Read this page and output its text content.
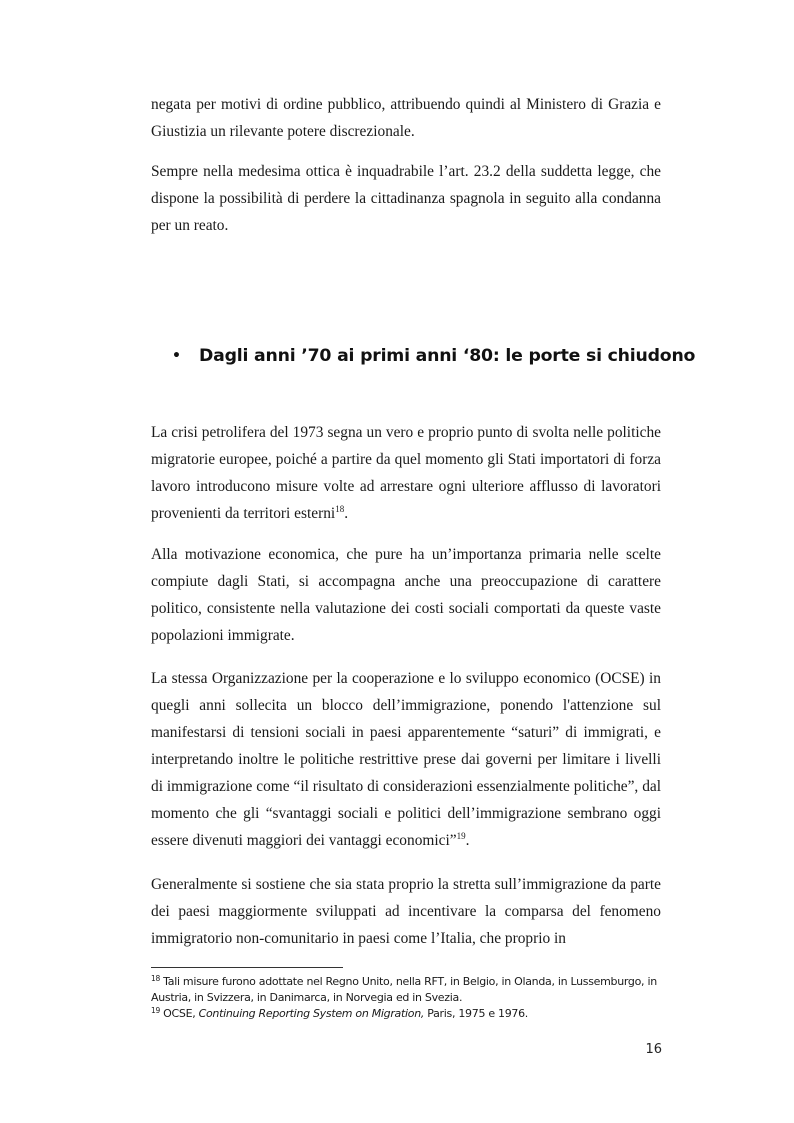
negata per motivi di ordine pubblico, attribuendo quindi al Ministero di Grazia e Giustizia un rilevante potere discrezionale.

Sempre nella medesima ottica è inquadrabile l’art. 23.2 della suddetta legge, che dispone la possibilità di perdere la cittadinanza spagnola in seguito alla condanna per un reato.

• Dagli anni ’70 ai primi anni ‘80: le porte si chiudono

La crisi petrolifera del 1973 segna un vero e proprio punto di svolta nelle politiche migratorie europee, poiché a partire da quel momento gli Stati importatori di forza lavoro introducono misure volte ad arrestare ogni ulteriore afflusso di lavoratori provenienti da territori esterni$^{18}$.

Alla motivazione economica, che pure ha un’importanza primaria nelle scelte compiute dagli Stati, si accompagna anche una preoccupazione di carattere politico, consistente nella valutazione dei costi sociali comportati da queste vaste popolazioni immigrate.

La stessa Organizzazione per la cooperazione e lo sviluppo economico (OCSE) in quegli anni sollecita un blocco dell’immigrazione, ponendo l'attenzione sul manifestarsi di tensioni sociali in paesi apparentemente “saturi” di immigrati, e interpretando inoltre le politiche restrittive prese dai governi per limitare i livelli di immigrazione come “il risultato di considerazioni essenzialmente politiche”, dal momento che gli “svantaggi sociali e politici dell’immigrazione sembrano oggi essere divenuti maggiori dei vantaggi economici”$^{19}$.

Generalmente si sostiene che sia stata proprio la stretta sull’immigrazione da parte dei paesi maggiormente sviluppati ad incentivare la comparsa del fenomeno immigratorio non-comunitario in paesi come l’Italia, che proprio in

$^{18}$ Tali misure furono adottate nel Regno Unito, nella RFT, in Belgio, in Olanda, in Lussemburgo, in Austria, in Svizzera, in Danimarca, in Norvegia ed in Svezia.

$^{19}$ OCSE, Continuing Reporting System on Migration, Paris, 1975 e 1976.

16
